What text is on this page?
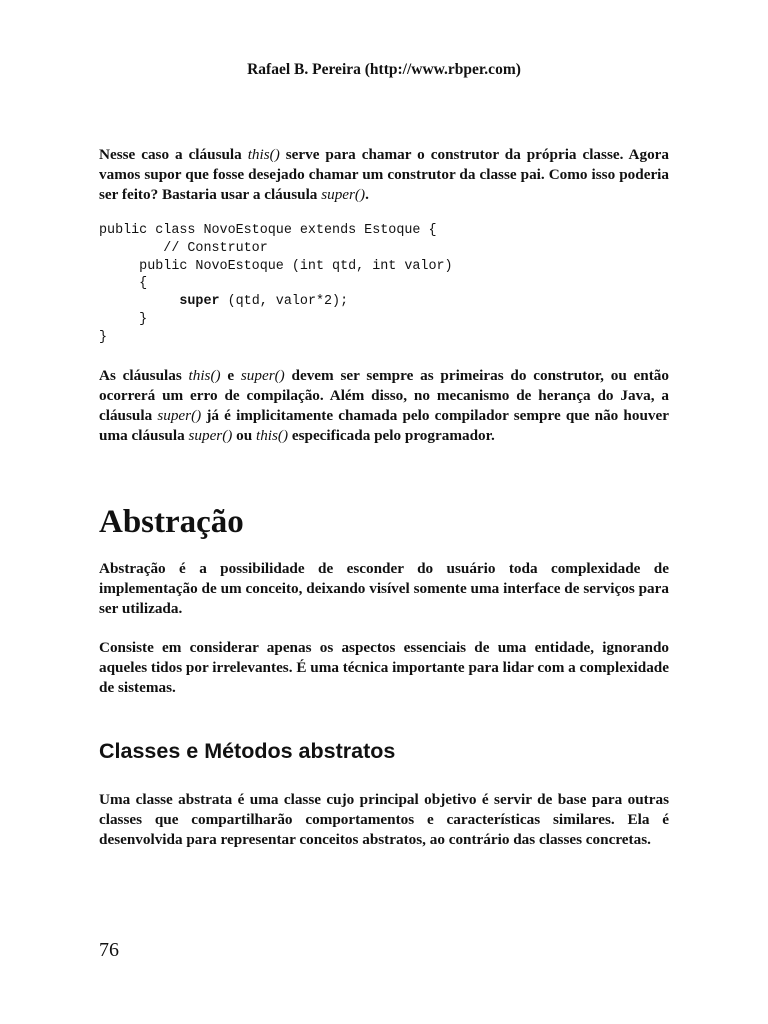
Rafael B. Pereira (http://www.rbper.com)

Nesse caso a cláusula this() serve para chamar o construtor da própria classe. Agora vamos supor que fosse desejado chamar um construtor da classe pai. Como isso poderia ser feito? Bastaria usar a cláusula super().

public class NovoEstoque extends Estoque {
// Construtor
public NovoEstoque (int qtd, int valor)
{
super (qtd, valor*2);
}
}

As cláusulas this() e super() devem ser sempre as primeiras do construtor, ou então ocorrerá um erro de compilação. Além disso, no mecanismo de herança do Java, a cláusula super() já é implicitamente chamada pelo compilador sempre que não houver uma cláusula super() ou this() especificada pelo programador.

Abstração

Abstração é a possibilidade de esconder do usuário toda complexidade de implementação de um conceito, deixando visível somente uma interface de serviços para ser utilizada.

Consiste em considerar apenas os aspectos essenciais de uma entidade, ignorando aqueles tidos por irrelevantes. É uma técnica importante para lidar com a complexidade de sistemas.

Classes e Métodos abstratos

Uma classe abstrata é uma classe cujo principal objetivo é servir de base para outras classes que compartilharão comportamentos e características similares. Ela é desenvolvida para representar conceitos abstratos, ao contrário das classes concretas.

76
